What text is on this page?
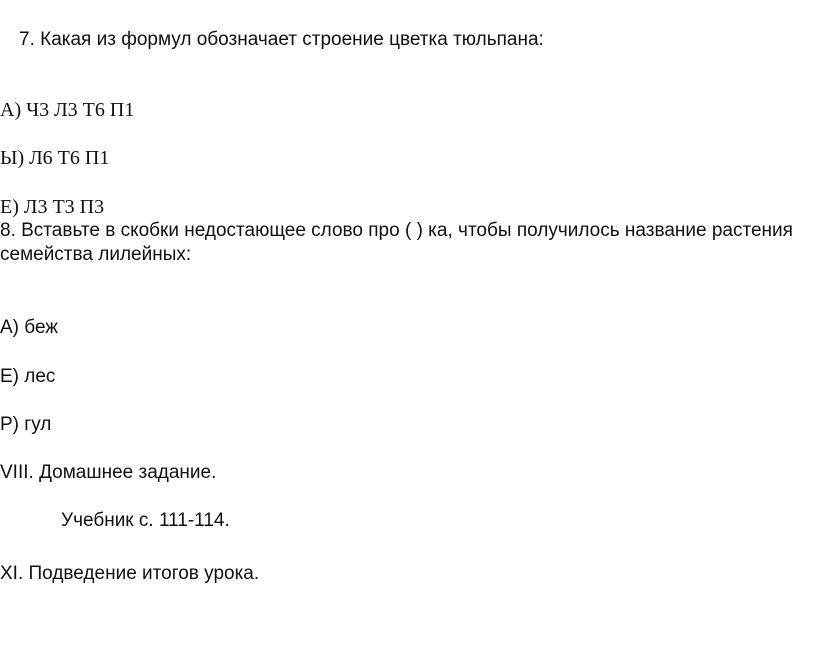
7. Какая из формул обозначает строение цветка тюльпана:
А) Ч3 Л3 Т6 П1
Ы) Л6 Т6 П1
Е) Л3 Т3 П3
8. Вставьте в скобки недостающее слово про ( ) ка, чтобы получилось название растения семейства лилейных:
А) беж
Е) лес
Р) гул
VIII. Домашнее задание.
Учебник с. 111-114.
XI. Подведение итогов урока.
